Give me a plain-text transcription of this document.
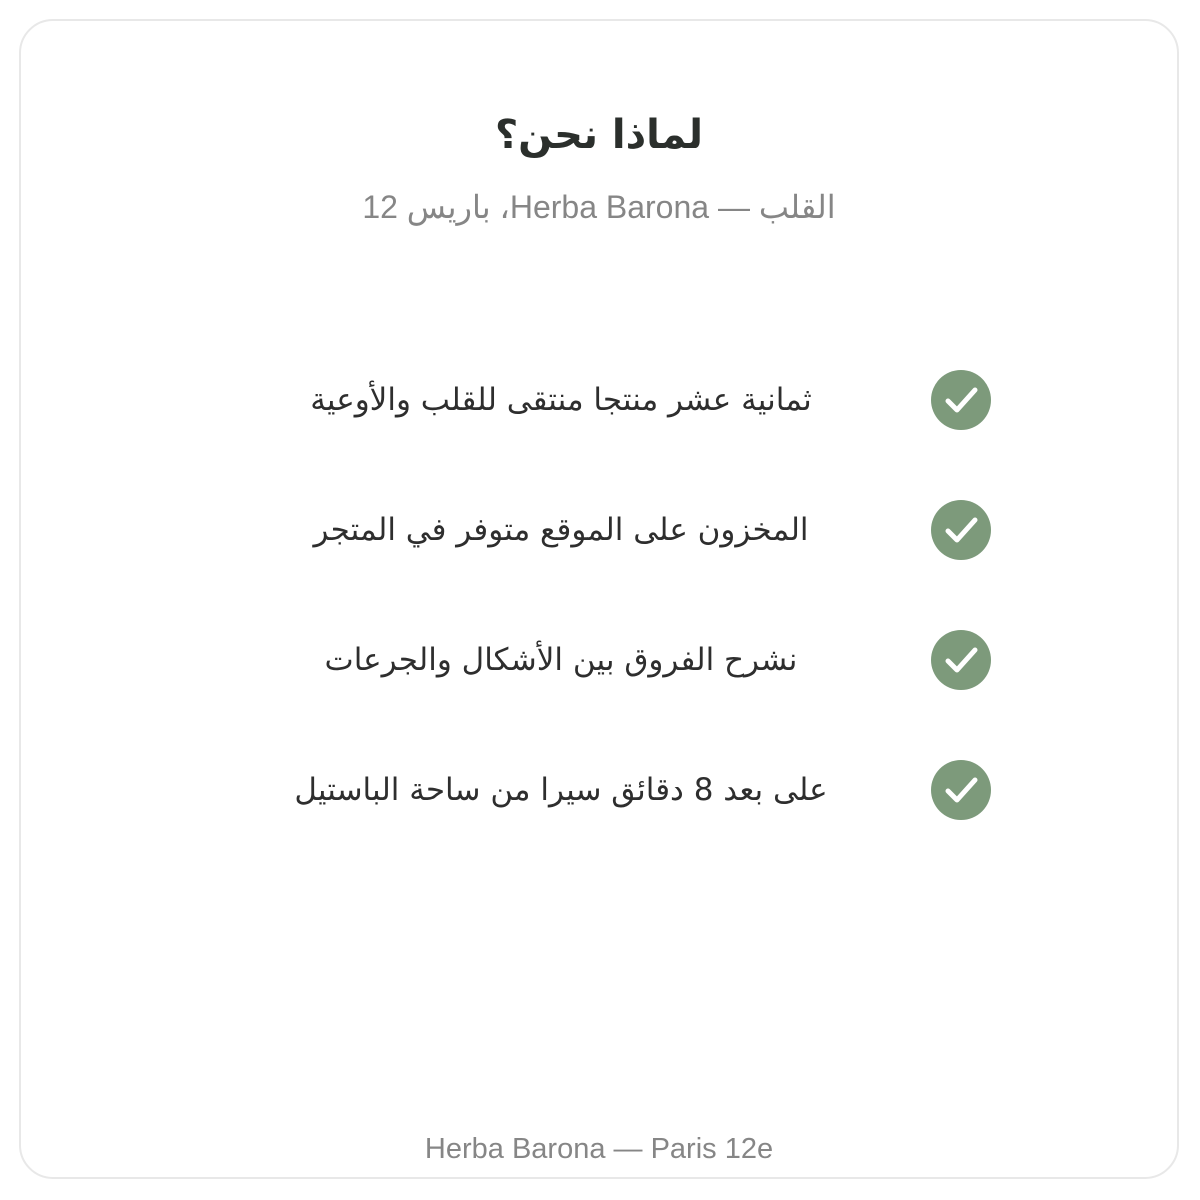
لماذا نحن؟

القلب — Herba Barona، باريس 12

ثمانية عشر منتجا منتقى للقلب والأوعية
المخزون على الموقع متوفر في المتجر
نشرح الفروق بين الأشكال والجرعات
على بعد 8 دقائق سيرا من ساحة الباستيل

Herba Barona — Paris 12e
